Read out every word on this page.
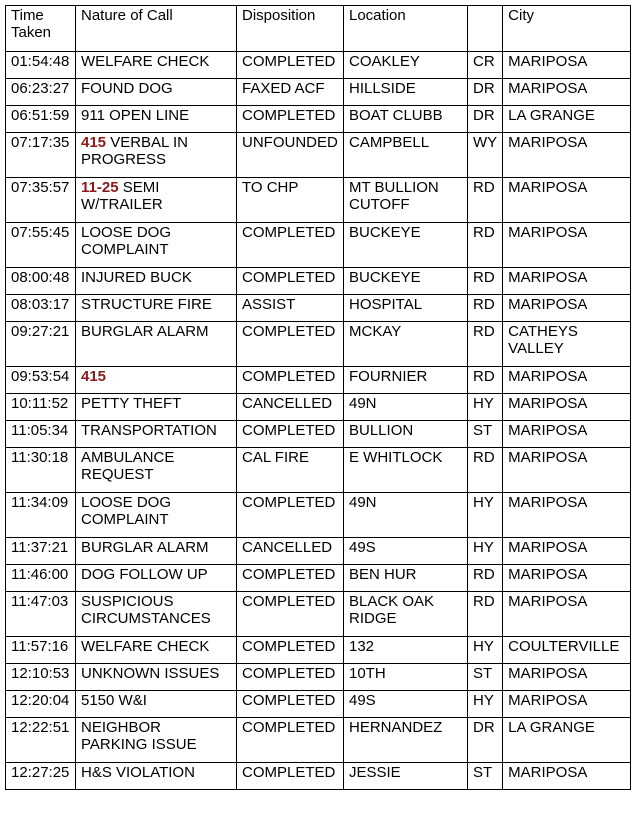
Time Taken	Nature of Call	Disposition	Location		City
01:54:48	WELFARE CHECK	COMPLETED	COAKLEY	CR	MARIPOSA
06:23:27	FOUND DOG	FAXED ACF	HILLSIDE	DR	MARIPOSA
06:51:59	911 OPEN LINE	COMPLETED	BOAT CLUBB	DR	LA GRANGE
07:17:35	415 VERBAL IN PROGRESS	UNFOUNDED	CAMPBELL	WY	MARIPOSA
07:35:57	11-25 SEMI W/TRAILER	TO CHP	MT BULLION CUTOFF	RD	MARIPOSA
07:55:45	LOOSE DOG COMPLAINT	COMPLETED	BUCKEYE	RD	MARIPOSA
08:00:48	INJURED BUCK	COMPLETED	BUCKEYE	RD	MARIPOSA
08:03:17	STRUCTURE FIRE	ASSIST	HOSPITAL	RD	MARIPOSA
09:27:21	BURGLAR ALARM	COMPLETED	MCKAY	RD	CATHEYS VALLEY
09:53:54	415	COMPLETED	FOURNIER	RD	MARIPOSA
10:11:52	PETTY THEFT	CANCELLED	49N	HY	MARIPOSA
11:05:34	TRANSPORTATION	COMPLETED	BULLION	ST	MARIPOSA
11:30:18	AMBULANCE REQUEST	CAL FIRE	E WHITLOCK	RD	MARIPOSA
11:34:09	LOOSE DOG COMPLAINT	COMPLETED	49N	HY	MARIPOSA
11:37:21	BURGLAR ALARM	CANCELLED	49S	HY	MARIPOSA
11:46:00	DOG FOLLOW UP	COMPLETED	BEN HUR	RD	MARIPOSA
11:47:03	SUSPICIOUS CIRCUMSTANCES	COMPLETED	BLACK OAK RIDGE	RD	MARIPOSA
11:57:16	WELFARE CHECK	COMPLETED	132	HY	COULTERVILLE
12:10:53	UNKNOWN ISSUES	COMPLETED	10TH	ST	MARIPOSA
12:20:04	5150 W&I	COMPLETED	49S	HY	MARIPOSA
12:22:51	NEIGHBOR PARKING ISSUE	COMPLETED	HERNANDEZ	DR	LA GRANGE
12:27:25	H&S VIOLATION	COMPLETED	JESSIE	ST	MARIPOSA
